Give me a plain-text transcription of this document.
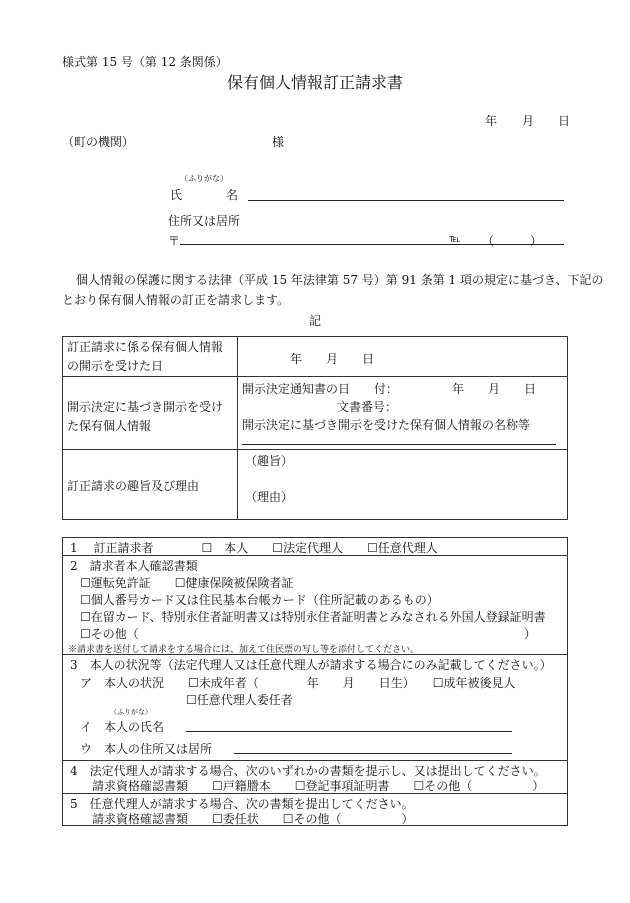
様式第 15 号（第 12 条関係）
保有個人情報訂正請求書
年 月 日
（町の機関）	様
（ふりがな）
氏	名
住所又は居所
〒	℡ （　　　）
個人情報の保護に関する法律（平成 15 年法律第 57 号）第 91 条第 1 項の規定に基づき、下記の
とおり保有個人情報の訂正を請求します。
記
訂正請求に係る保有個人情報の開示を受けた日	年　　月　　日
開示決定に基づき開示を受けた保有個人情報
開示決定通知書の日　　付：　　　　　年　　月　　日
文書番号：
開示決定に基づき開示を受けた保有個人情報の名称等
訂正請求の趣旨及び理由
（趣旨）
（理由）
1　 訂正請求者　　　　☐　本人　　☐法定代理人　　☐任意代理人
2　請求者本人確認書類
☐運転免許証　　☐健康保険被保険者証
☐個人番号カード又は住民基本台帳カード（住所記載のあるもの）
☐在留カード、特別永住者証明書又は特別永住者証明書とみなされる外国人登録証明書
☐その他（	）
※請求書を送付して請求をする場合には、加えて住民票の写し等を添付してください。
3　本人の状況等（法定代理人又は任意代理人が請求する場合にのみ記載してください。）
ア　本人の状況　　☐未成年者（　　　　年　　月　　日生）　　☐成年被後見人
☐任意代理人委任者
（ふりがな）
イ　本人の氏名
ウ　本人の住所又は居所
4　法定代理人が請求する場合、次のいずれかの書類を提示し、又は提出してください。
請求資格確認書類　　☐戸籍謄本　　☐登記事項証明書　　☐その他（　　　　　）
5　任意代理人が請求する場合、次の書類を提出してください。
請求資格確認書類　　☐委任状　　☐その他（　　　　　）
